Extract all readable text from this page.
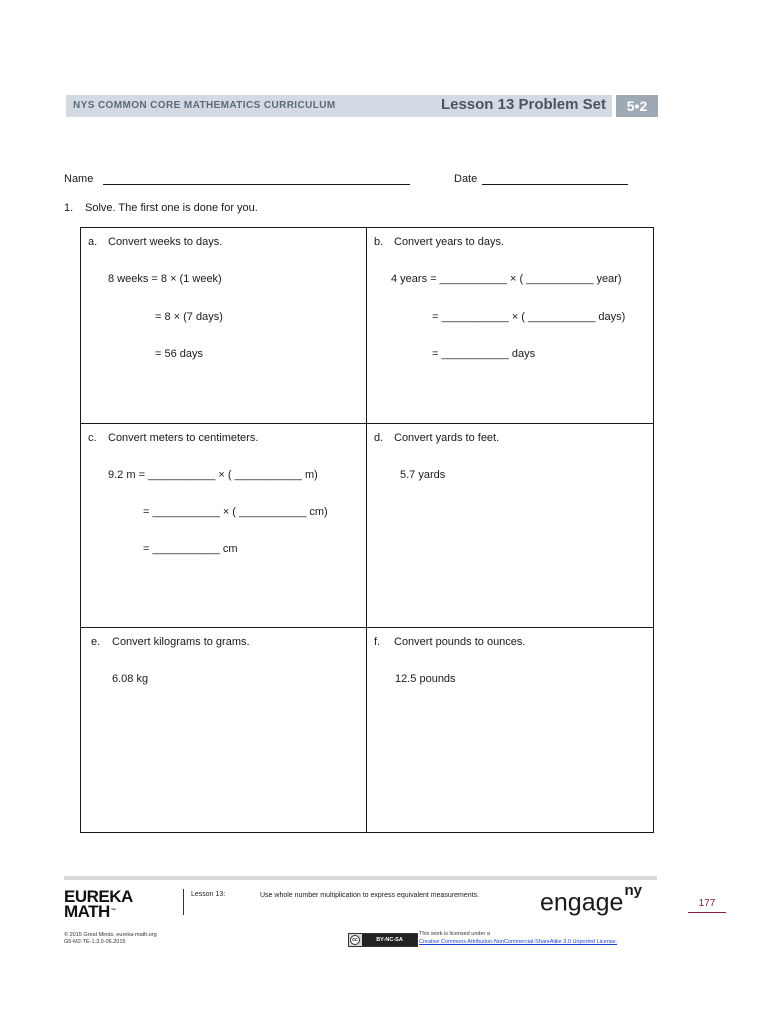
NYS COMMON CORE MATHEMATICS CURRICULUM	Lesson 13 Problem Set	5•2
Name	Date
1. Solve. The first one is done for you.
a. Convert weeks to days.
8 weeks = 8 × (1 week)
= 8 × (7 days)
= 56 days
b. Convert years to days.
4 years = ___________ × ( ___________ year)
= ___________ × ( ___________ days)
= ___________ days
c. Convert meters to centimeters.
9.2 m = ___________ × ( ___________ m)
= ___________ × ( ___________ cm)
= ___________ cm
d. Convert yards to feet.
5.7 yards
e. Convert kilograms to grams.
6.08 kg
f. Convert pounds to ounces.
12.5 pounds
EUREKA
MATH™
Lesson 13:	Use whole number multiplication to express equivalent measurements.	engage$^{ny}$
177
© 2015 Great Minds. eureka-math.org
G5-M2-TE-1.3.0-06.2015	cc	BY-NC-SA
This work is licensed under a
Creative Commons Attribution-NonCommercial-ShareAlike 3.0 Unported License.
